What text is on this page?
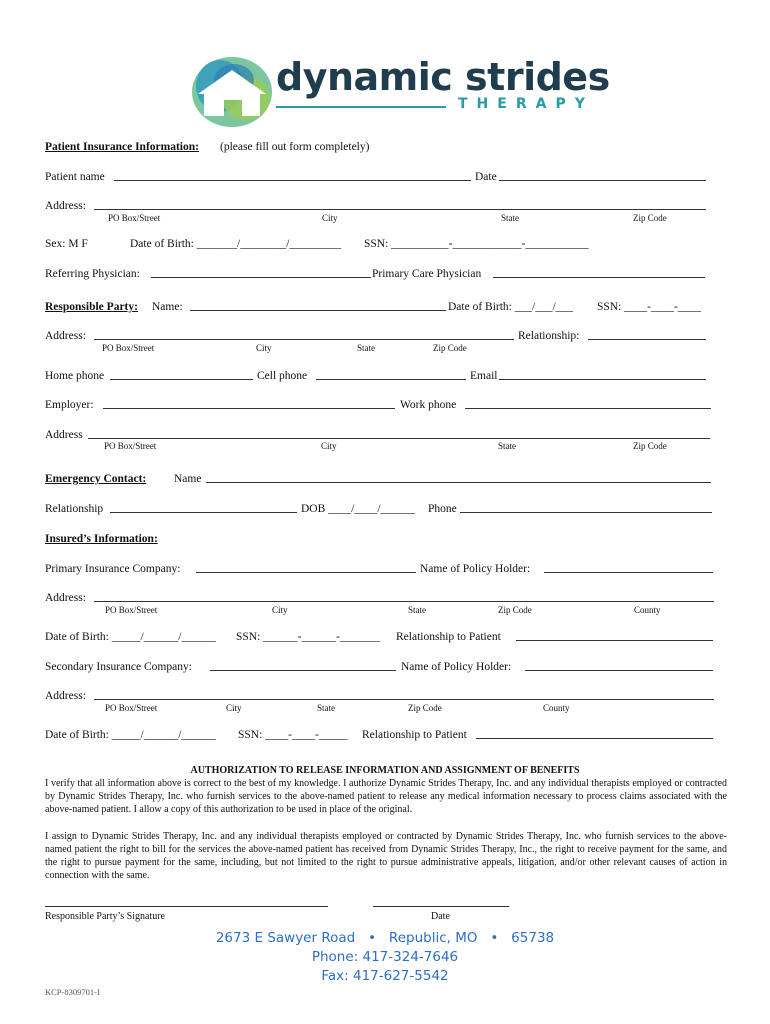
dynamic strides
THERAPY
Patient Insurance Information: (please fill out form completely)
Patient name	Date
Address:
PO Box/Street	City	State	Zip Code
Sex: M F	Date of Birth: _______/________/_________ SSN: __________-____________-___________
Referring Physician:	Primary Care Physician
Responsible Party: Name:	Date of Birth: ___/___/___ SSN: ____-____-____
Address:	Relationship:
PO Box/Street	City	State	Zip Code
Home phone	Cell phone	Email
Employer:	Work phone
Address
PO Box/Street	City	State	Zip Code
Emergency Contact: Name
Relationship	DOB ____/____/______ Phone
Insured’s Information:
Primary Insurance Company:	Name of Policy Holder:
Address:
PO Box/Street	City	State	Zip Code	County
Date of Birth: _____/______/______ SSN: ______-______-_______ Relationship to Patient
Secondary Insurance Company:	Name of Policy Holder:
Address:
PO Box/Street	City	State	Zip Code	County
Date of Birth: _____/______/______ SSN: ____-____-_____ Relationship to Patient
AUTHORIZATION TO RELEASE INFORMATION AND ASSIGNMENT OF BENEFITS
I verify that all information above is correct to the best of my knowledge. I authorize Dynamic Strides Therapy, Inc. and any individual therapists employed or contracted by Dynamic Strides Therapy, Inc. who furnish services to the above-named patient to release any medical information necessary to process claims associated with the above-named patient. I allow a copy of this authorization to be used in place of the original.
I assign to Dynamic Strides Therapy, Inc. and any individual therapists employed or contracted by Dynamic Strides Therapy, Inc. who furnish services to the above-named patient the right to bill for the services the above-named patient has received from Dynamic Strides Therapy, Inc., the right to receive payment for the same, and the right to pursue payment for the same, including, but not limited to the right to pursue administrative appeals, litigation, and/or other relevant causes of action in connection with the same.
Responsible Party’s Signature	Date
2673 E Sawyer Road   •   Republic, MO   •   65738
Phone: 417-324-7646
Fax: 417-627-5542
KCP-8309701-I
